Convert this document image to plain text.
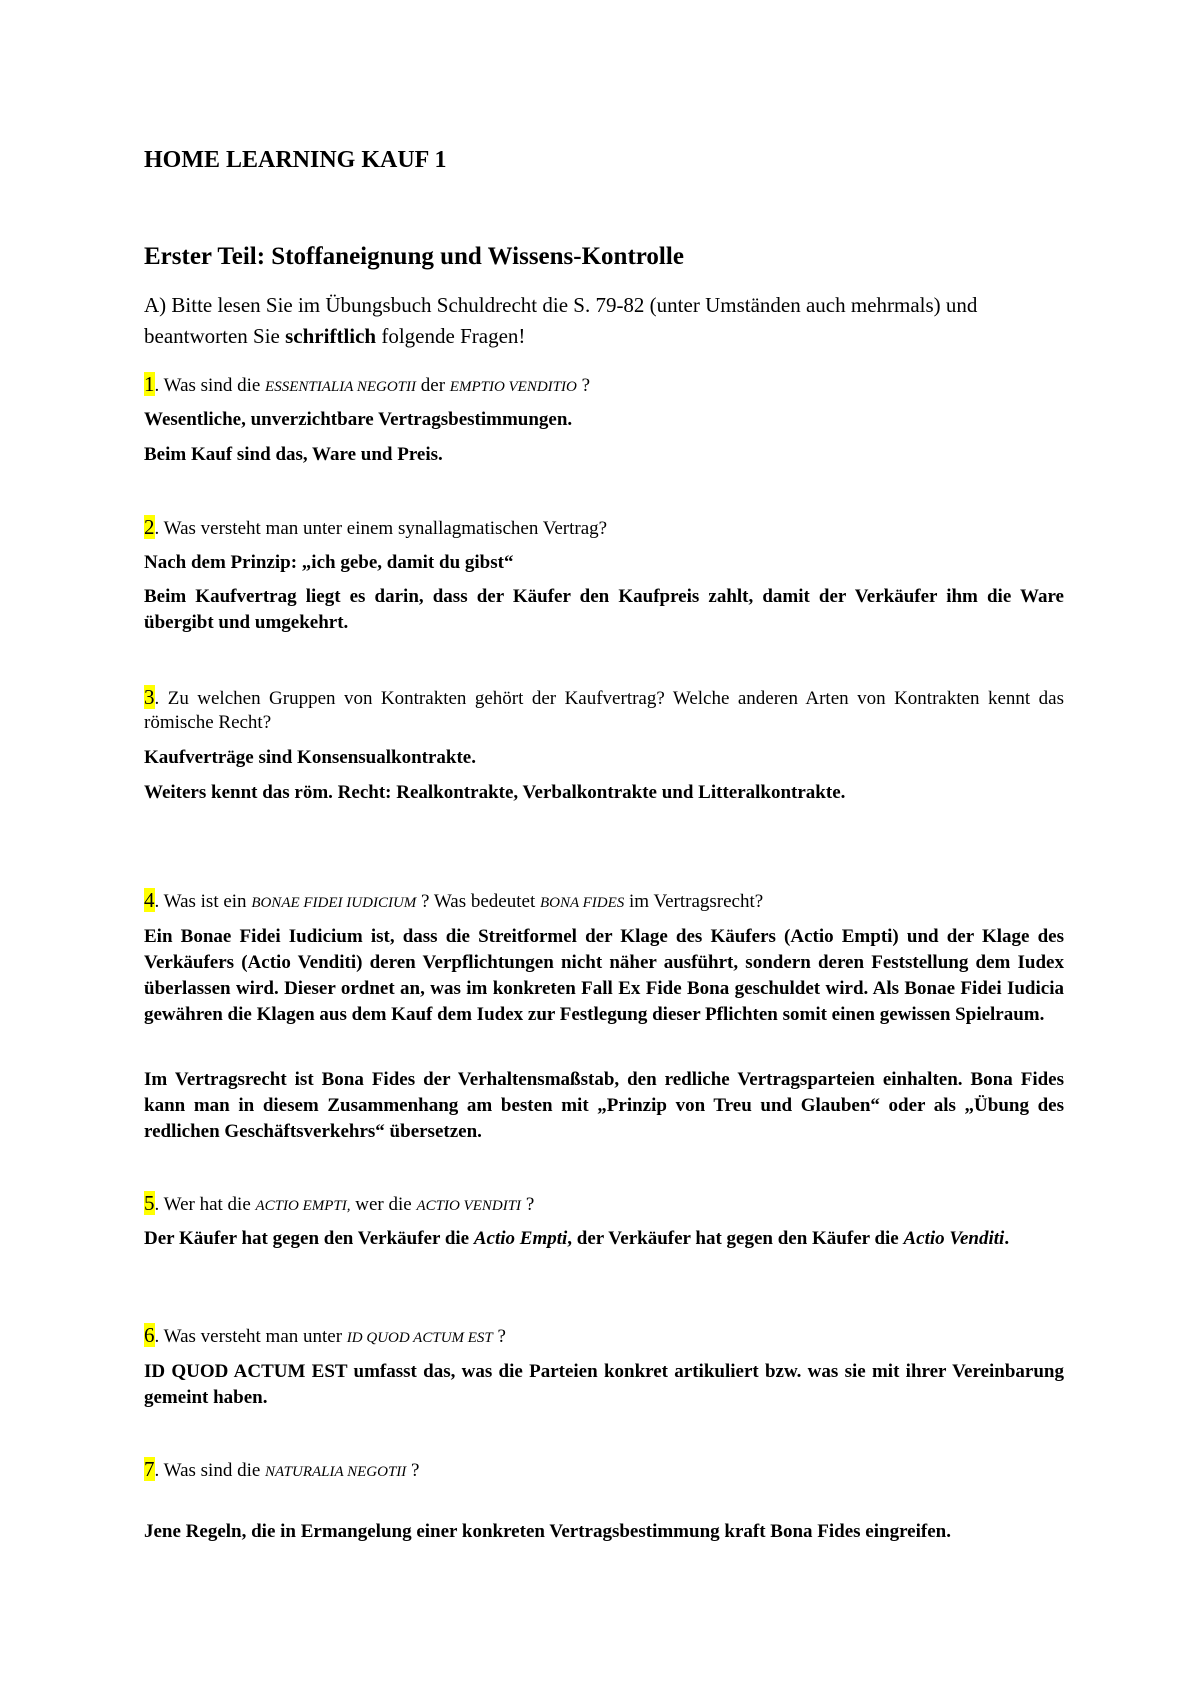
HOME LEARNING KAUF 1
Erster Teil: Stoffaneignung und Wissens-Kontrolle

A) Bitte lesen Sie im Übungsbuch Schuldrecht die S. 79-82 (unter Umständen auch mehrmals) und beantworten Sie schriftlich folgende Fragen!

1. Was sind die ESSENTIALIA NEGOTII der EMPTIO VENDITIO ?

Wesentliche, unverzichtbare Vertragsbestimmungen.

Beim Kauf sind das, Ware und Preis.

2. Was versteht man unter einem synallagmatischen Vertrag?

Nach dem Prinzip: „ich gebe, damit du gibst“

Beim Kaufvertrag liegt es darin, dass der Käufer den Kaufpreis zahlt, damit der Verkäufer ihm die Ware übergibt und umgekehrt.

3. Zu welchen Gruppen von Kontrakten gehört der Kaufvertrag? Welche anderen Arten von Kontrakten kennt das römische Recht?

Kaufverträge sind Konsensualkontrakte.

Weiters kennt das röm. Recht: Realkontrakte, Verbalkontrakte und Litteralkontrakte.

4. Was ist ein BONAE FIDEI IUDICIUM ? Was bedeutet BONA FIDES im Vertragsrecht?

Ein Bonae Fidei Iudicium ist, dass die Streitformel der Klage des Käufers (Actio Empti) und der Klage des Verkäufers (Actio Venditi) deren Verpflichtungen nicht näher ausführt, sondern deren Feststellung dem Iudex überlassen wird. Dieser ordnet an, was im konkreten Fall Ex Fide Bona geschuldet wird. Als Bonae Fidei Iudicia gewähren die Klagen aus dem Kauf dem Iudex zur Festlegung dieser Pflichten somit einen gewissen Spielraum.

Im Vertragsrecht ist Bona Fides der Verhaltensmaßstab, den redliche Vertragsparteien einhalten. Bona Fides kann man in diesem Zusammenhang am besten mit „Prinzip von Treu und Glauben“ oder als „Übung des redlichen Geschäftsverkehrs“ übersetzen.

5. Wer hat die ACTIO EMPTI, wer die ACTIO VENDITI ?

Der Käufer hat gegen den Verkäufer die Actio Empti, der Verkäufer hat gegen den Käufer die Actio Venditi.

6. Was versteht man unter ID QUOD ACTUM EST ?

ID QUOD ACTUM EST umfasst das, was die Parteien konkret artikuliert bzw. was sie mit ihrer Vereinbarung gemeint haben.

7. Was sind die NATURALIA NEGOTII ?

Jene Regeln, die in Ermangelung einer konkreten Vertragsbestimmung kraft Bona Fides eingreifen.
